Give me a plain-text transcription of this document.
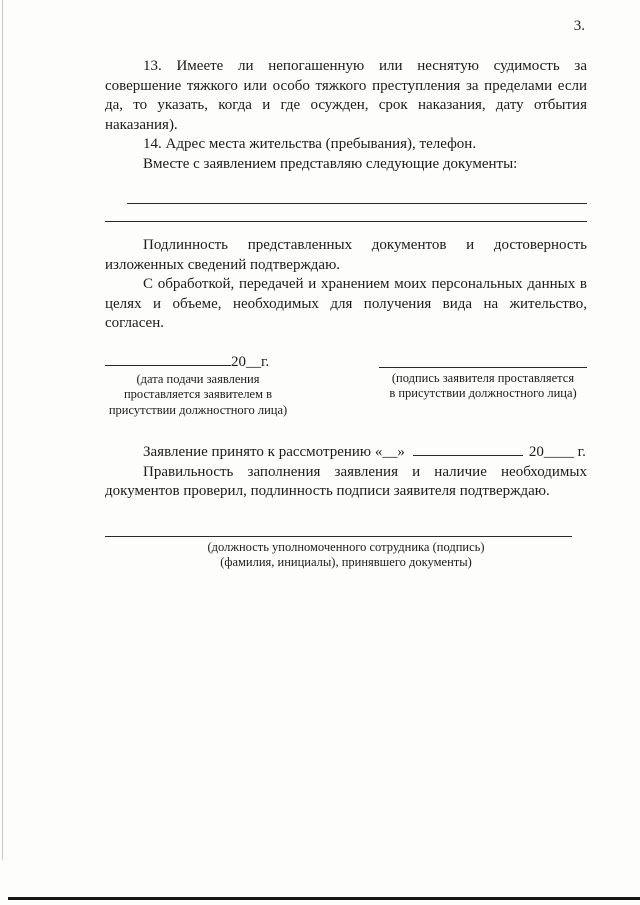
3.

13. Имеете ли непогашенную или неснятую судимость за совершение тяжкого или особо тяжкого преступления за пределами если да, то указать, когда и где осужден, срок наказания, дату отбытия наказания).

14. Адрес места жительства (пребывания), телефон.

Вместе с заявлением представляю следующие документы:

Подлинность представленных документов и достоверность изложенных сведений подтверждаю.

С обработкой, передачей и хранением моих персональных данных в целях и объеме, необходимых для получения вида на жительство, согласен.

20__г.
(дата подачи заявления
проставляется заявителем в
присутствии должностного лица)
(подпись заявителя проставляется
в присутствии должностного лица)

Заявление принято к рассмотрению «__»	20____ г.

Правильность заполнения заявления и наличие необходимых документов проверил, подлинность подписи заявителя подтверждаю.

(должность уполномоченного сотрудника (подпись)
(фамилия, инициалы), принявшего документы)
